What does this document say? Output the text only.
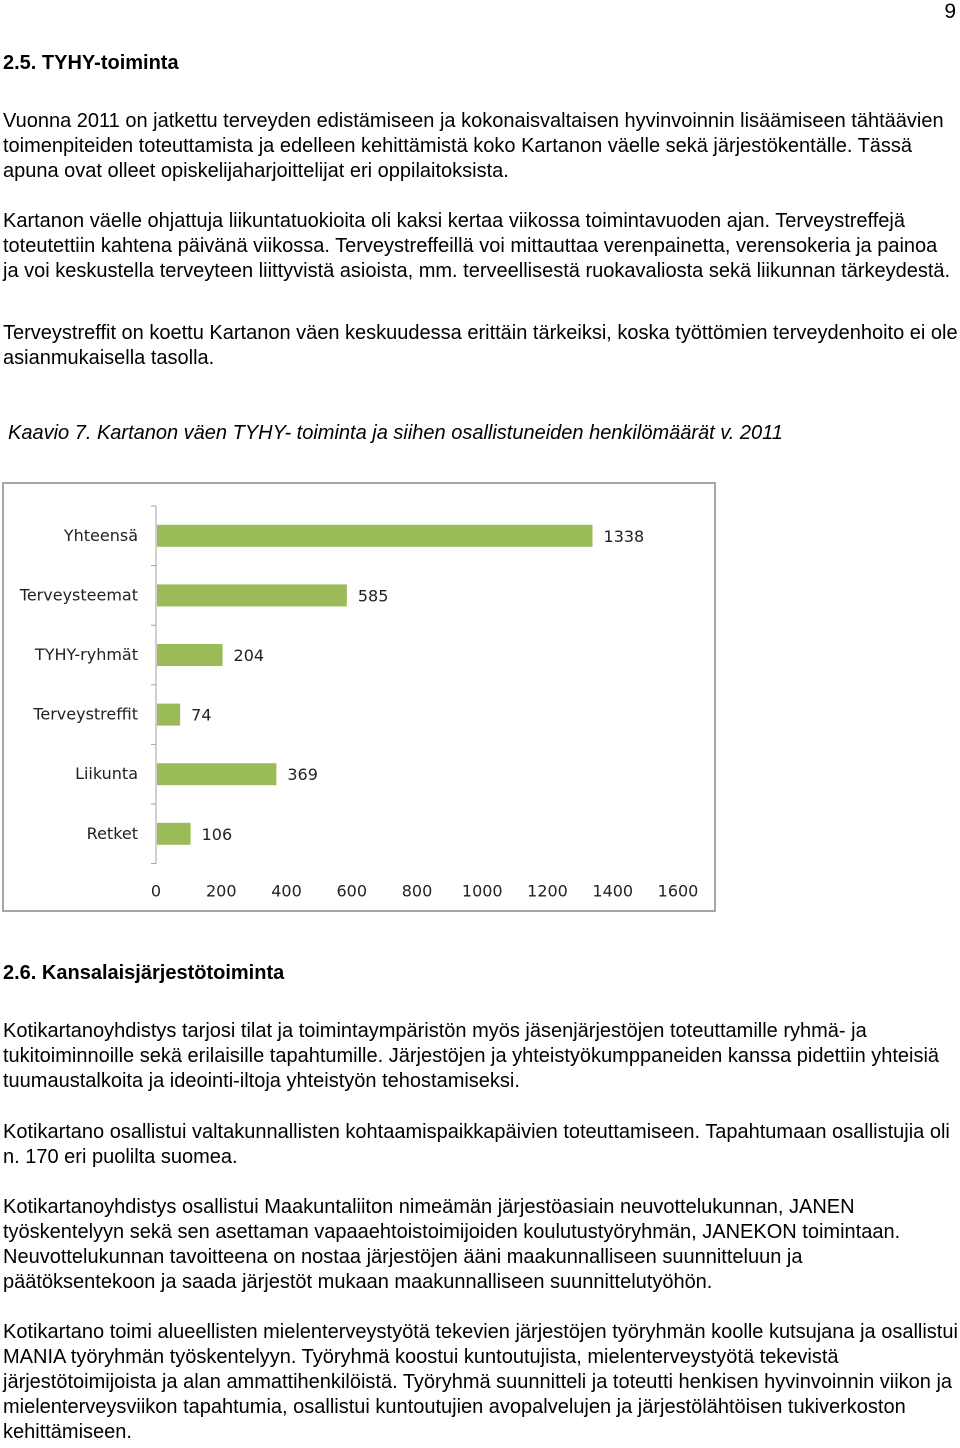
9
2.5. TYHY-toiminta

Vuonna 2011 on jatkettu terveyden edistämiseen ja kokonaisvaltaisen hyvinvoinnin lisäämiseen tähtäävien toimenpiteiden toteuttamista ja edelleen kehittämistä koko Kartanon väelle sekä järjestökentälle. Tässä apuna ovat olleet opiskelijaharjoittelijat eri oppilaitoksista.

Kartanon väelle ohjattuja liikuntatuokioita oli kaksi kertaa viikossa toimintavuoden ajan. Terveystreffejä toteutettiin kahtena päivänä viikossa. Terveystreffeillä voi mittauttaa verenpainetta, verensokeria ja painoa ja voi keskustella terveyteen liittyvistä asioista, mm. terveellisestä ruokavaliosta sekä liikunnan tärkeydestä.

Terveystreffit on koettu Kartanon väen keskuudessa erittäin tärkeiksi, koska työttömien terveydenhoito ei ole asianmukaisella tasolla.

Kaavio 7. Kartanon väen TYHY- toiminta ja siihen osallistuneiden henkilömäärät v. 2011

Yhteensä	1338
Terveysteemat	585
TYHY-ryhmät	204
Terveystreffit	74
Liikunta	369
Retket	106
0	200 400 600 800 1000 1200 1400 1600
2.6. Kansalaisjärjestötoiminta

Kotikartanoyhdistys tarjosi tilat ja toimintaympäristön myös jäsenjärjestöjen toteuttamille ryhmä- ja tukitoiminnoille sekä erilaisille tapahtumille. Järjestöjen ja yhteistyökumppaneiden kanssa pidettiin yhteisiä tuumaustalkoita ja ideointi-iltoja yhteistyön tehostamiseksi.

Kotikartano osallistui valtakunnallisten kohtaamispaikkapäivien toteuttamiseen. Tapahtumaan osallistujia oli n. 170 eri puolilta suomea.

Kotikartanoyhdistys osallistui Maakuntaliiton nimeämän järjestöasiain neuvottelukunnan, JANEN työskentelyyn sekä sen asettaman vapaaehtoistoimijoiden koulutustyöryhmän, JANEKON toimintaan. Neuvottelukunnan tavoitteena on nostaa järjestöjen ääni maakunnalliseen suunnitteluun ja päätöksentekoon ja saada järjestöt mukaan maakunnalliseen suunnittelutyöhön.

Kotikartano toimi alueellisten mielenterveystyötä tekevien järjestöjen työryhmän koolle kutsujana ja osallistui MANIA työryhmän työskentelyyn. Työryhmä koostui kuntoutujista, mielenterveystyötä tekevistä järjestötoimijoista ja alan ammattihenkilöistä. Työryhmä suunnitteli ja toteutti henkisen hyvinvoinnin viikon ja mielenterveysviikon tapahtumia, osallistui kuntoutujien avopalvelujen ja järjestölähtöisen tukiverkoston kehittämiseen.
